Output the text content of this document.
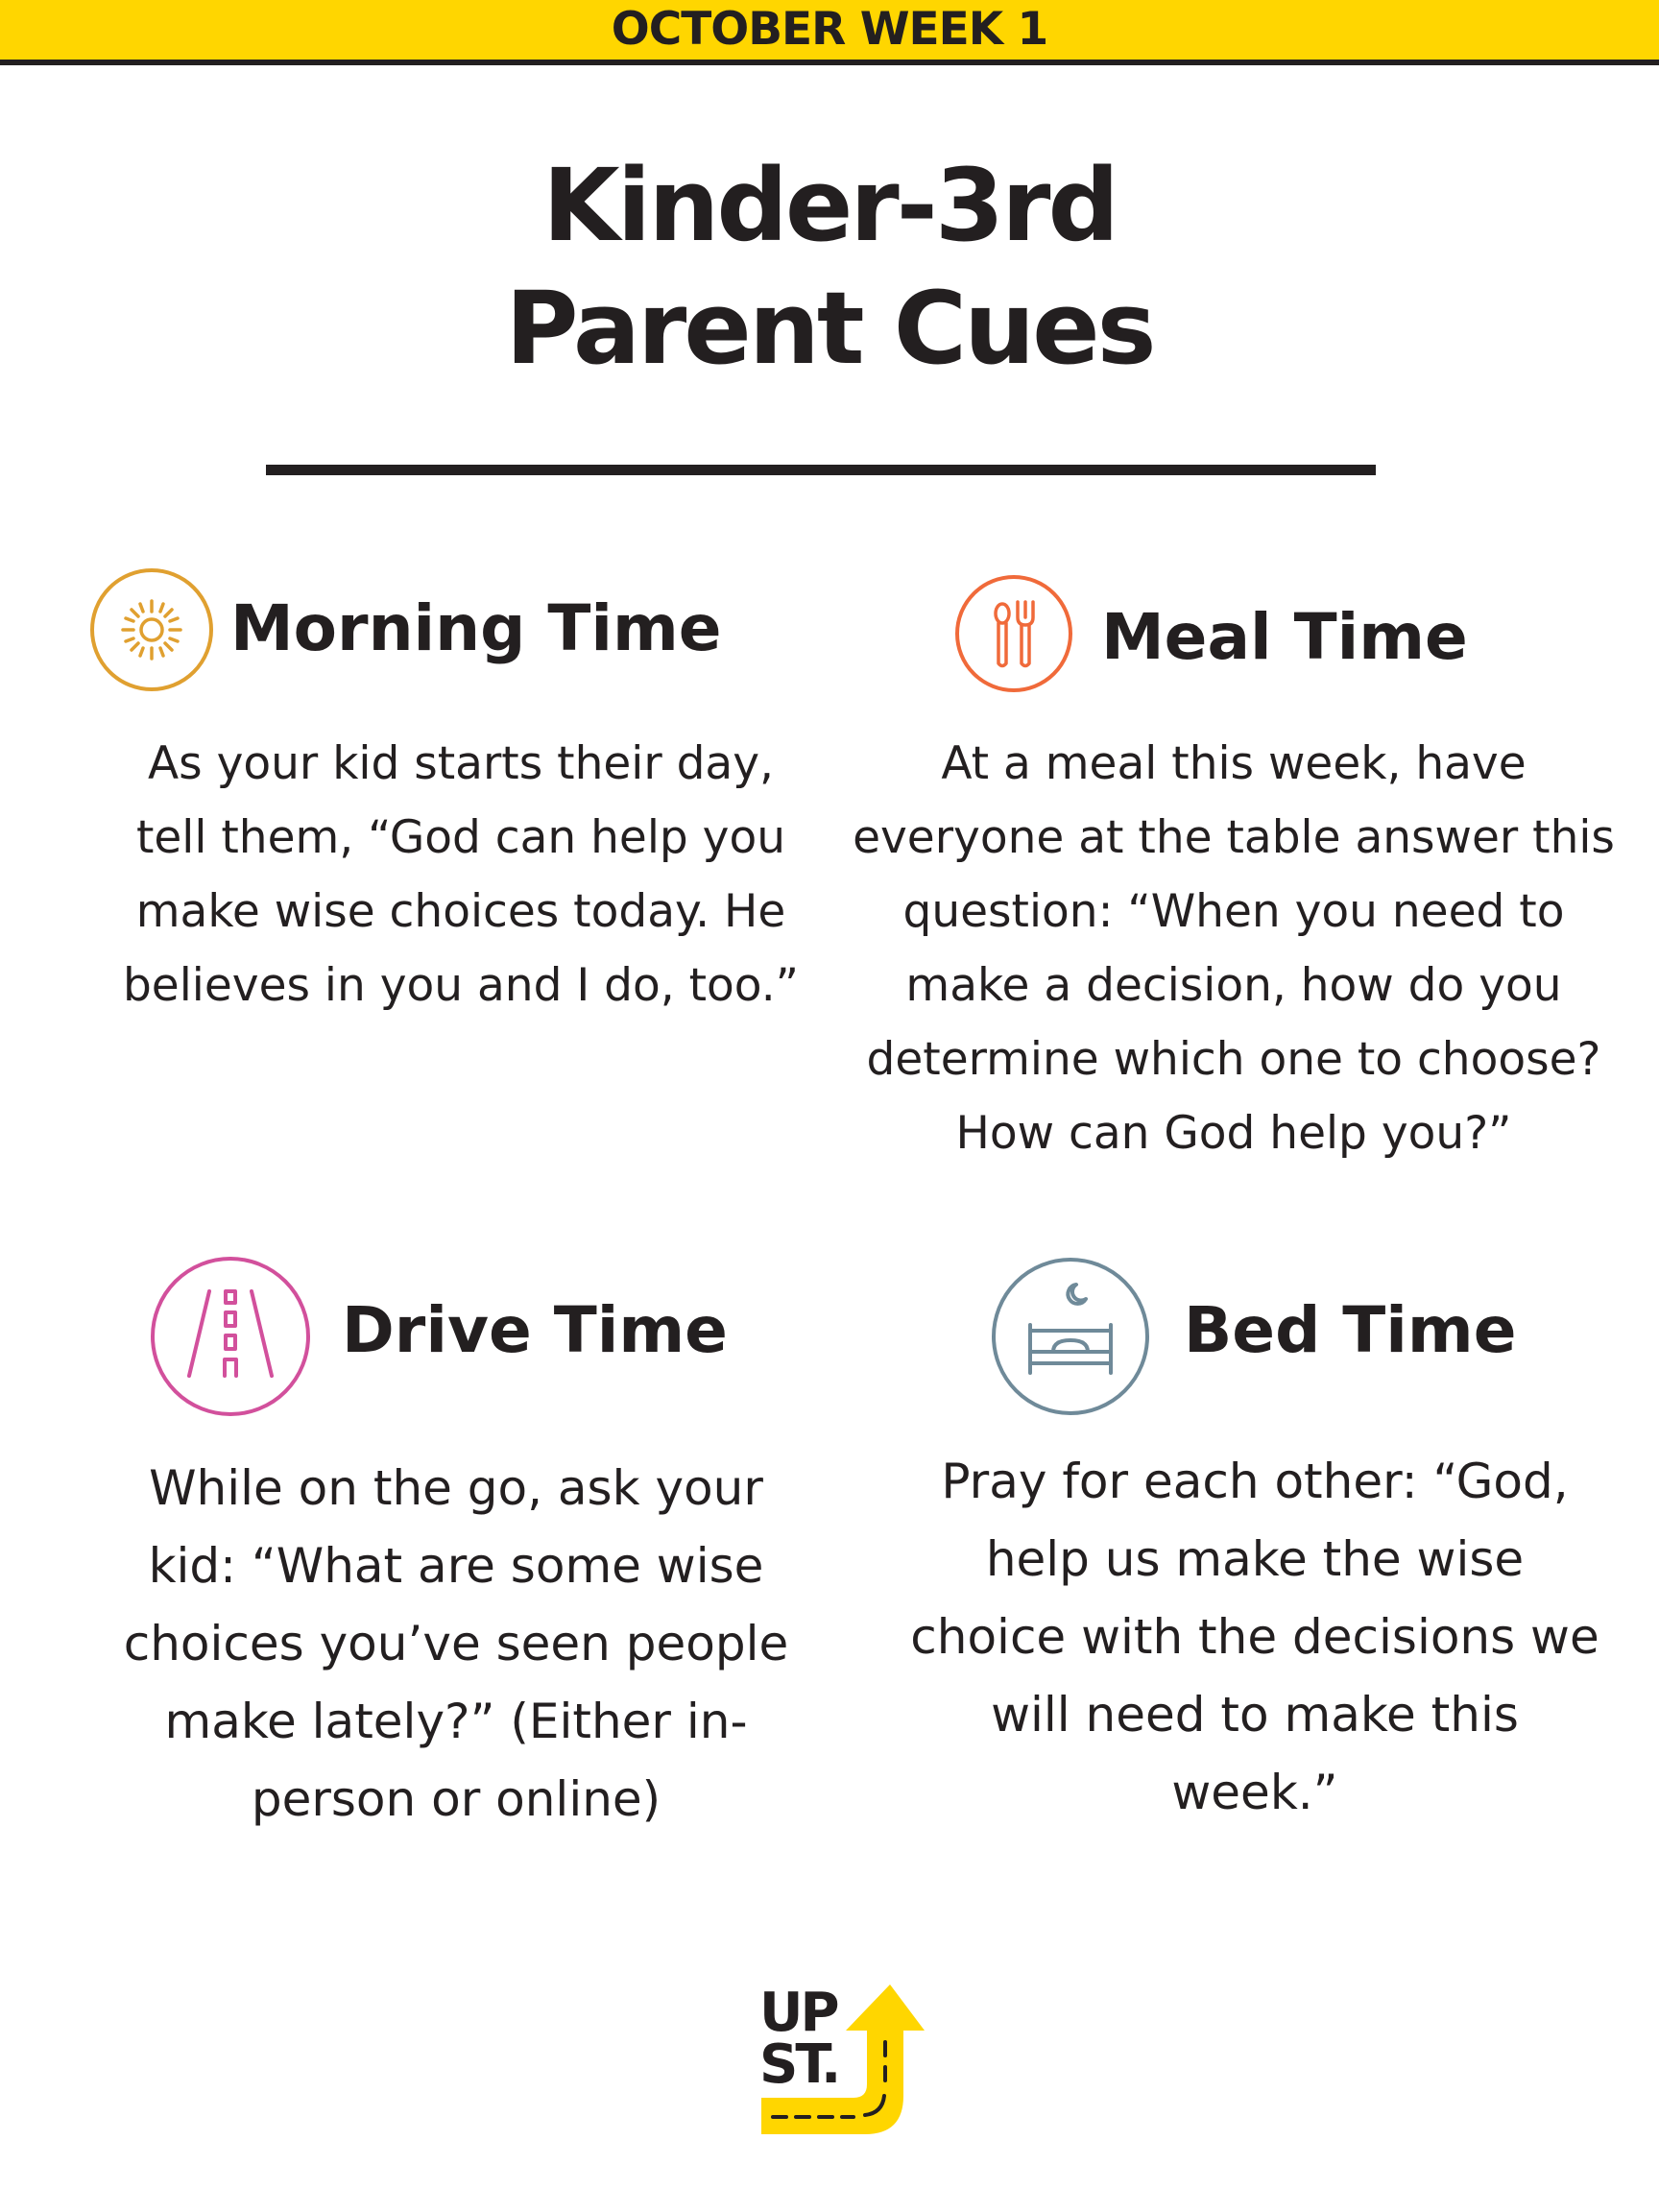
OCTOBER WEEK 1
Kinder-3rd
Parent Cues
Morning Time
As your kid starts their day,
tell them, “God can help you
make wise choices today. He
believes in you and I do, too.”
Meal Time
At a meal this week, have
everyone at the table answer this
question: “When you need to
make a decision, how do you
determine which one to choose?
How can God help you?”
Drive Time
While on the go, ask your
kid: “What are some wise
choices you’ve seen people
make lately?” (Either in-
person or online)
Bed Time
Pray for each other: “God,
help us make the wise
choice with the decisions we
will need to make this
week.”
UP
ST.
